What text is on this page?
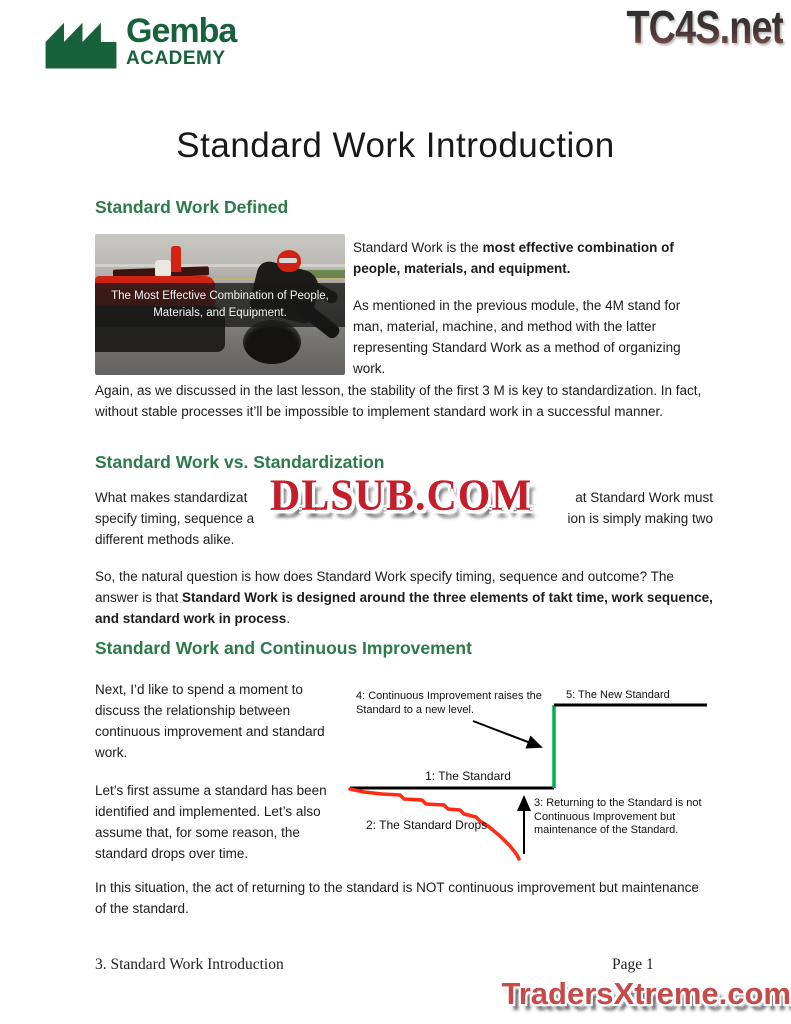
Gemba
ACADEMY
TC4S.net
Standard Work Introduction
Standard Work Defined
The Most Effective Combination of People, Materials, and Equipment.

Standard Work is the most effective combination of people, materials, and equipment.

As mentioned in the previous module, the 4M stand for man, material, machine, and method with the latter representing Standard Work as a method of organizing work.

Again, as we discussed in the last lesson, the stability of the first 3 M is key to standardization. In fact, without stable processes it’ll be impossible to implement standard work in a successful manner.
Standard Work vs. Standardization
What makes standardizat	at Standard Work must
specify timing, sequence a	ion is simply making two
different methods alike.
DLSUB.COM
So, the natural question is how does Standard Work specify timing, sequence and outcome? The answer is that Standard Work is designed around the three elements of takt time, work sequence, and standard work in process.
Standard Work and Continuous Improvement

Next, I’d like to spend a moment to discuss the relationship between continuous improvement and standard work.

Let’s first assume a standard has been identified and implemented. Let’s also assume that, for some reason, the standard drops over time.

4: Continuous Improvement raises the Standard to a new level.
5: The New Standard
1: The Standard
2: The Standard Drops
3: Returning to the Standard is not Continuous Improvement but maintenance of the Standard.
In this situation, the act of returning to the standard is NOT continuous improvement but maintenance of the standard.
3. Standard Work Introduction	Page 1
TradersXtreme.com
